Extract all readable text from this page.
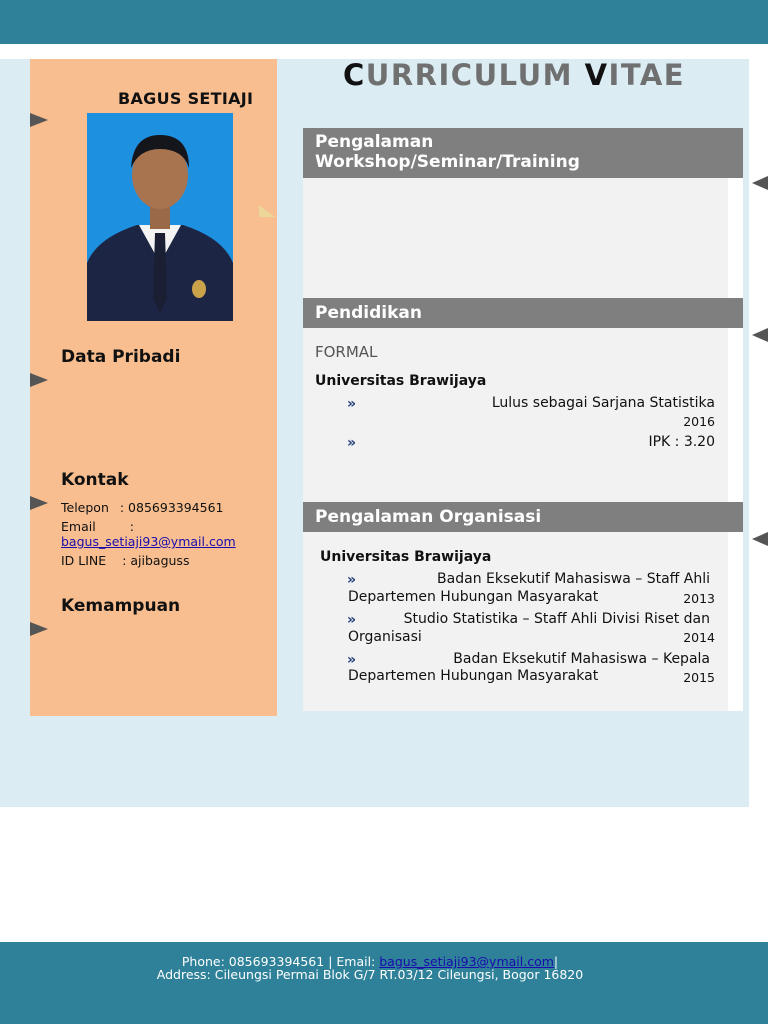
BAGUS SETIAJI
Data Pribadi
Kontak
Telepon : 085693394561
Email	:
bagus_setiaji93@ymail.com
ID LINE : ajibaguss
Kemampuan
CURRICULUM VITAE
Pengalaman
Workshop/Seminar/Training
Pendidikan
FORMAL
Universitas Brawijaya
»	Lulus sebagai Sarjana Statistika
2016
»	IPK : 3.20
Pengalaman Organisasi
Universitas Brawijaya
»	Badan Eksekutif Mahasiswa – Staff Ahli
Departemen Hubungan Masyarakat	2013
»	Studio Statistika – Staff Ahli Divisi Riset dan
Organisasi	2014
»	Badan Eksekutif Mahasiswa – Kepala
Departemen Hubungan Masyarakat	2015
Phone: 085693394561 | Email: bagus_setiaji93@ymail.com|
Address: Cileungsi Permai Blok G/7 RT.03/12 Cileungsi, Bogor 16820
